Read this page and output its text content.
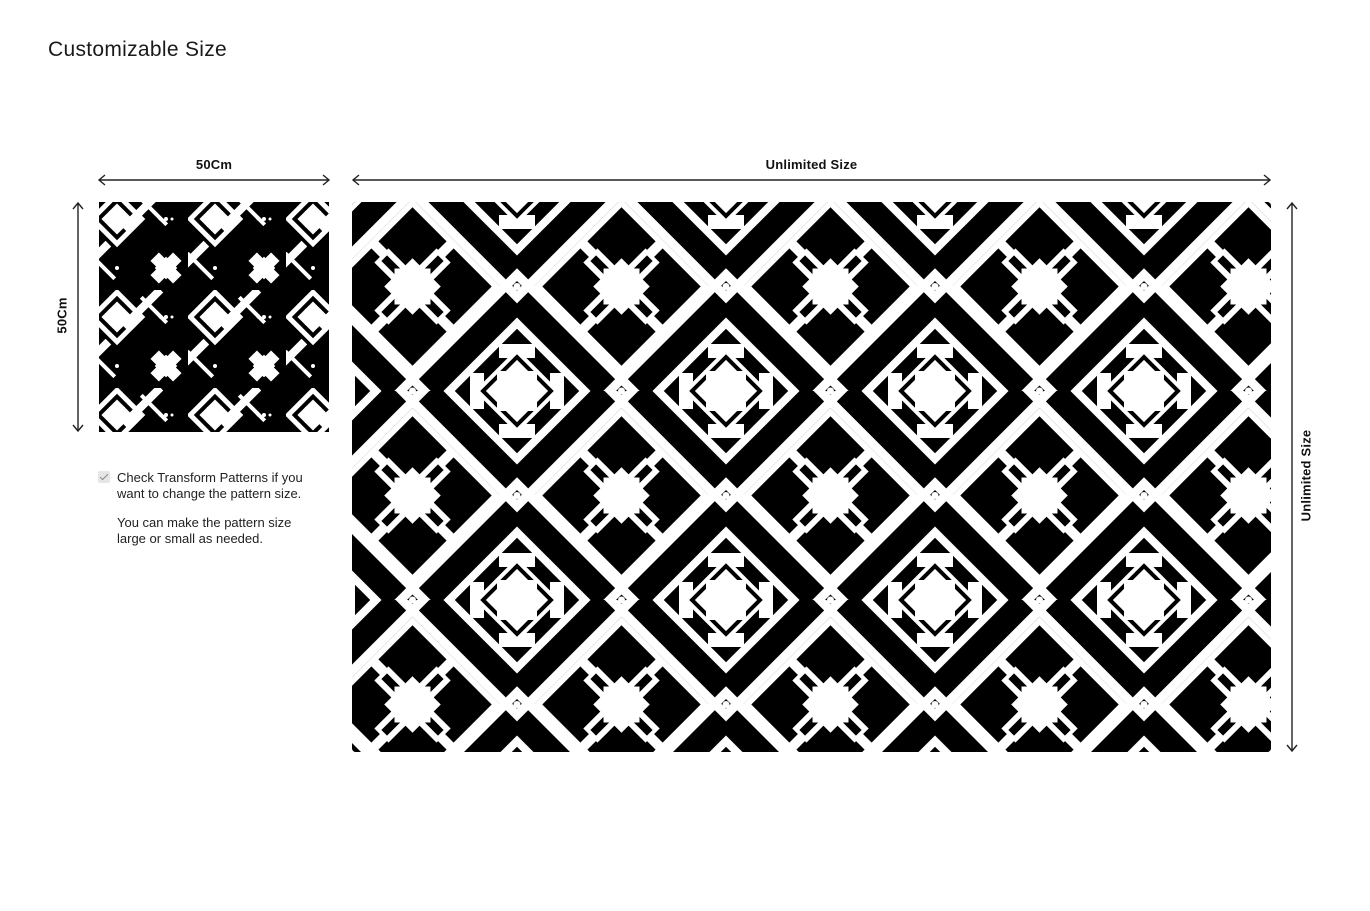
Customizable Size
50Cm
50Cm
Unlimited Size
Unlimited Size

Check Transform Patterns if you want to change the pattern size.

You can make the pattern size large or small as needed.
